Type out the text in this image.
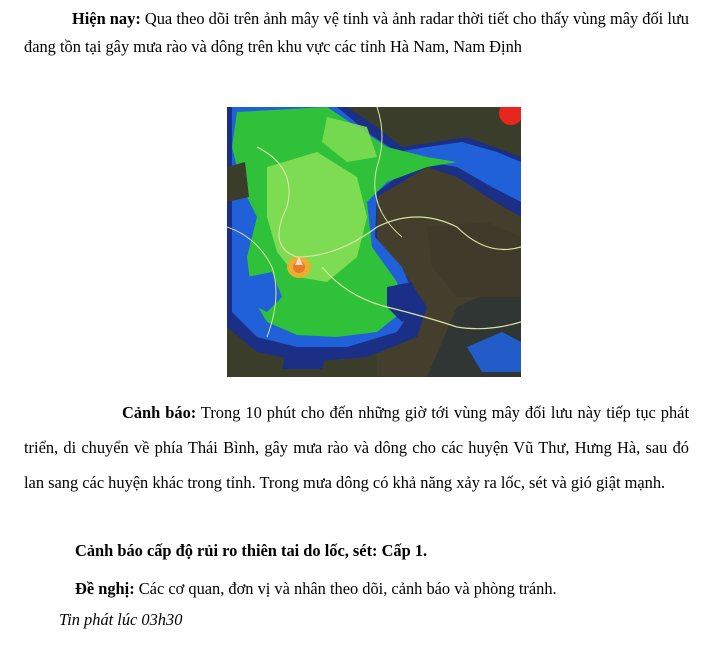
Hiện nay: Qua theo dõi trên ảnh mây vệ tinh và ảnh radar thời tiết cho thấy vùng mây đối lưu đang tồn tại gây mưa rào và dông trên khu vực các tỉnh Hà Nam, Nam Định

Cảnh báo: Trong 10 phút cho đến những giờ tới vùng mây đối lưu này tiếp tục phát triển, di chuyển về phía Thái Bình, gây mưa rào và dông cho các huyện Vũ Thư, Hưng Hà, sau đó lan sang các huyện khác trong tỉnh. Trong mưa dông có khả năng xảy ra lốc, sét và gió giật mạnh.

Cảnh báo cấp độ rủi ro thiên tai do lốc, sét: Cấp 1.

Đề nghị: Các cơ quan, đơn vị và nhân theo dõi, cảnh báo và phòng tránh.

Tin phát lúc 03h30
